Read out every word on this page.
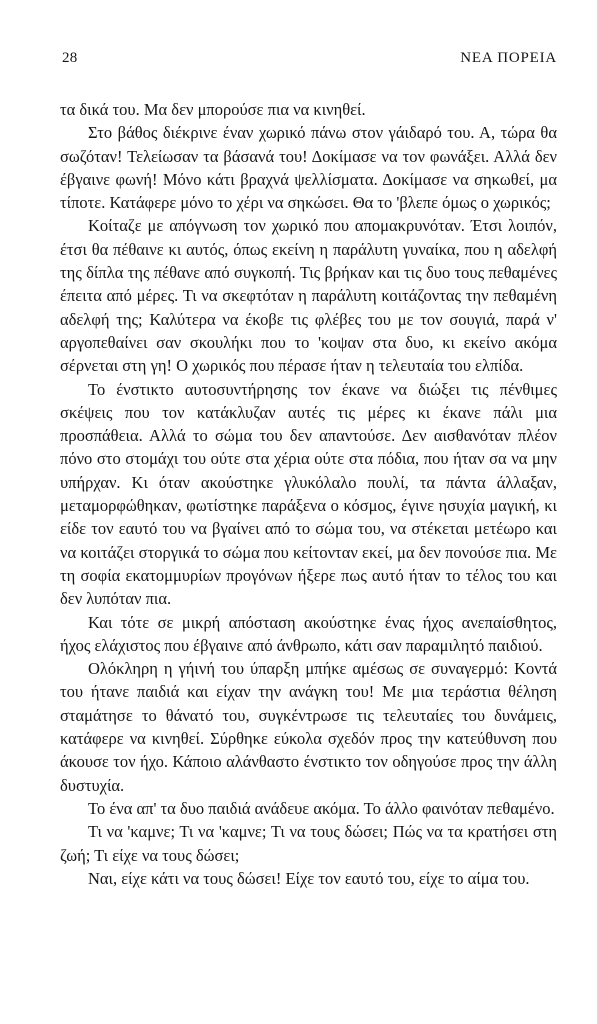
28	ΝΕΑ ΠΟΡΕΙΑ

τα δικά του. Μα δεν μπορούσε πια να κινηθεί.

Στο βάθος διέκρινε έναν χωρικό πάνω στον γάιδαρό του. Α, τώρα θα σωζόταν! Τελείωσαν τα βάσανά του! Δοκίμασε να τον φωνάξει. Αλλά δεν έβγαινε φωνή! Μόνο κάτι βραχνά ψελλίσματα. Δοκίμασε να σηκωθεί, μα τίποτε. Κατάφερε μόνο το χέρι να σηκώσει. Θα το 'βλεπε όμως ο χωρικός;

Κοίταζε με απόγνωση τον χωρικό που απομακρυνόταν. Έτσι λοιπόν, έτσι θα πέθαινε κι αυτός, όπως εκείνη η παράλυτη γυναίκα, που η αδελφή της δίπλα της πέθανε από συγκοπή. Τις βρήκαν και τις δυο τους πεθαμένες έπειτα από μέρες. Τι να σκεφτόταν η παράλυτη κοιτάζοντας την πεθαμένη αδελφή της; Καλύτερα να έκοβε τις φλέβες του με τον σουγιά, παρά ν' αργοπεθαίνει σαν σκουλήκι που το 'κοψαν στα δυο, κι εκείνο ακόμα σέρνεται στη γη! Ο χωρικός που πέρασε ήταν η τελευταία του ελπίδα.

Το ένστικτο αυτοσυντήρησης τον έκανε να διώξει τις πένθιμες σκέψεις που τον κατάκλυζαν αυτές τις μέρες κι έκανε πάλι μια προσπάθεια. Αλλά το σώμα του δεν απαντούσε. Δεν αισθανόταν πλέον πόνο στο στομάχι του ούτε στα χέρια ούτε στα πόδια, που ήταν σα να μην υπήρχαν. Κι όταν ακούστηκε γλυκόλαλο πουλί, τα πάντα άλλαξαν, μεταμορφώθηκαν, φωτίστηκε παράξενα ο κόσμος, έγινε ησυχία μαγική, κι είδε τον εαυτό του να βγαίνει από το σώμα του, να στέκεται μετέωρο και να κοιτάζει στοργικά το σώμα που κείτονταν εκεί, μα δεν πονούσε πια. Με τη σοφία εκατομμυρίων προγόνων ήξερε πως αυτό ήταν το τέλος του και δεν λυπόταν πια.

Και τότε σε μικρή απόσταση ακούστηκε ένας ήχος ανεπαίσθητος, ήχος ελάχιστος που έβγαινε από άνθρωπο, κάτι σαν παραμιλητό παιδιού.

Ολόκληρη η γήινή του ύπαρξη μπήκε αμέσως σε συναγερμό: Κοντά του ήτανε παιδιά και είχαν την ανάγκη του! Με μια τεράστια θέληση σταμάτησε το θάνατό του, συγκέντρωσε τις τελευταίες του δυνάμεις, κατάφερε να κινηθεί. Σύρθηκε εύκολα σχεδόν προς την κατεύθυνση που άκουσε τον ήχο. Κάποιο αλάνθαστο ένστικτο τον οδηγούσε προς την άλλη δυστυχία.

Το ένα απ' τα δυο παιδιά ανάδευε ακόμα. Το άλλο φαινόταν πεθαμένο.

Τι να 'καμνε; Τι να 'καμνε; Τι να τους δώσει; Πώς να τα κρατήσει στη ζωή; Τι είχε να τους δώσει;

Ναι, είχε κάτι να τους δώσει! Είχε τον εαυτό του, είχε το αίμα του.
